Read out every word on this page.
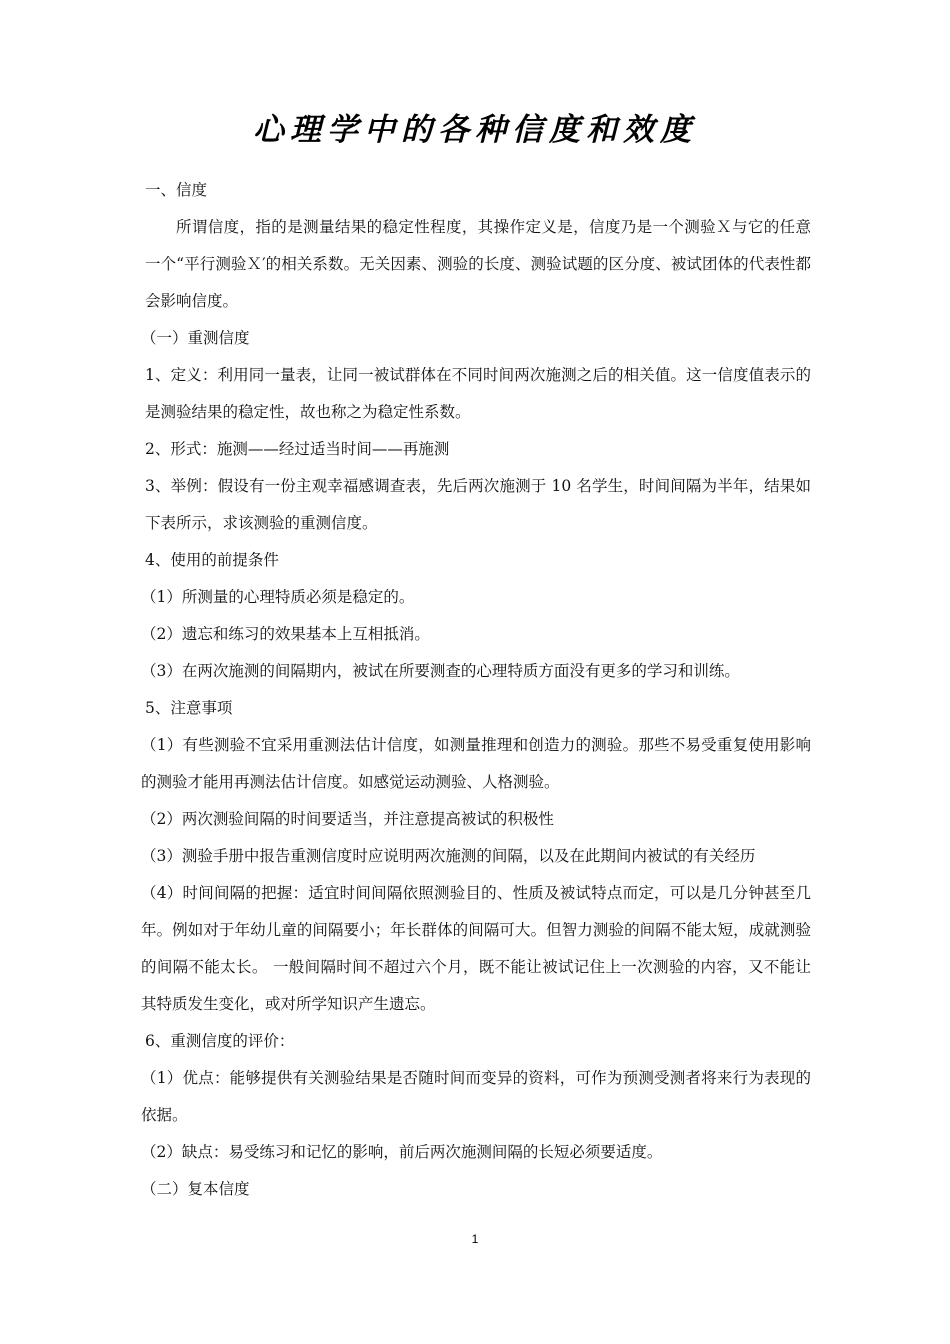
心理学中的各种信度和效度

一、信度

所谓信度，指的是测量结果的稳定性程度，其操作定义是，信度乃是一个测验Ｘ与它的任意一个“平行测验Ｘ′的相关系数。无关因素、测验的长度、测验试题的区分度、被试团体的代表性都会影响信度。

（一）重测信度

1、定义：利用同一量表，让同一被试群体在不同时间两次施测之后的相关值。这一信度值表示的是测验结果的稳定性，故也称之为稳定性系数。

2、形式：施测——经过适当时间——再施测

3、举例：假设有一份主观幸福感调查表，先后两次施测于 10 名学生，时间间隔为半年，结果如下表所示，求该测验的重测信度。

4、使用的前提条件

（1）所测量的心理特质必须是稳定的。

（2）遗忘和练习的效果基本上互相抵消。

（3）在两次施测的间隔期内，被试在所要测查的心理特质方面没有更多的学习和训练。

5、注意事项

（1）有些测验不宜采用重测法估计信度，如测量推理和创造力的测验。那些不易受重复使用影响的测验才能用再测法估计信度。如感觉运动测验、人格测验。

（2）两次测验间隔的时间要适当，并注意提高被试的积极性

（3）测验手册中报告重测信度时应说明两次施测的间隔，以及在此期间内被试的有关经历

（4）时间间隔的把握：适宜时间间隔依照测验目的、性质及被试特点而定，可以是几分钟甚至几年。例如对于年幼儿童的间隔要小；年长群体的间隔可大。但智力测验的间隔不能太短，成就测验的间隔不能太长。 一般间隔时间不超过六个月，既不能让被试记住上一次测验的内容，又不能让其特质发生变化，或对所学知识产生遗忘。

6、重测信度的评价：

（1）优点：能够提供有关测验结果是否随时间而变异的资料，可作为预测受测者将来行为表现的依据。

（2）缺点：易受练习和记忆的影响，前后两次施测间隔的长短必须要适度。

（二）复本信度

1
